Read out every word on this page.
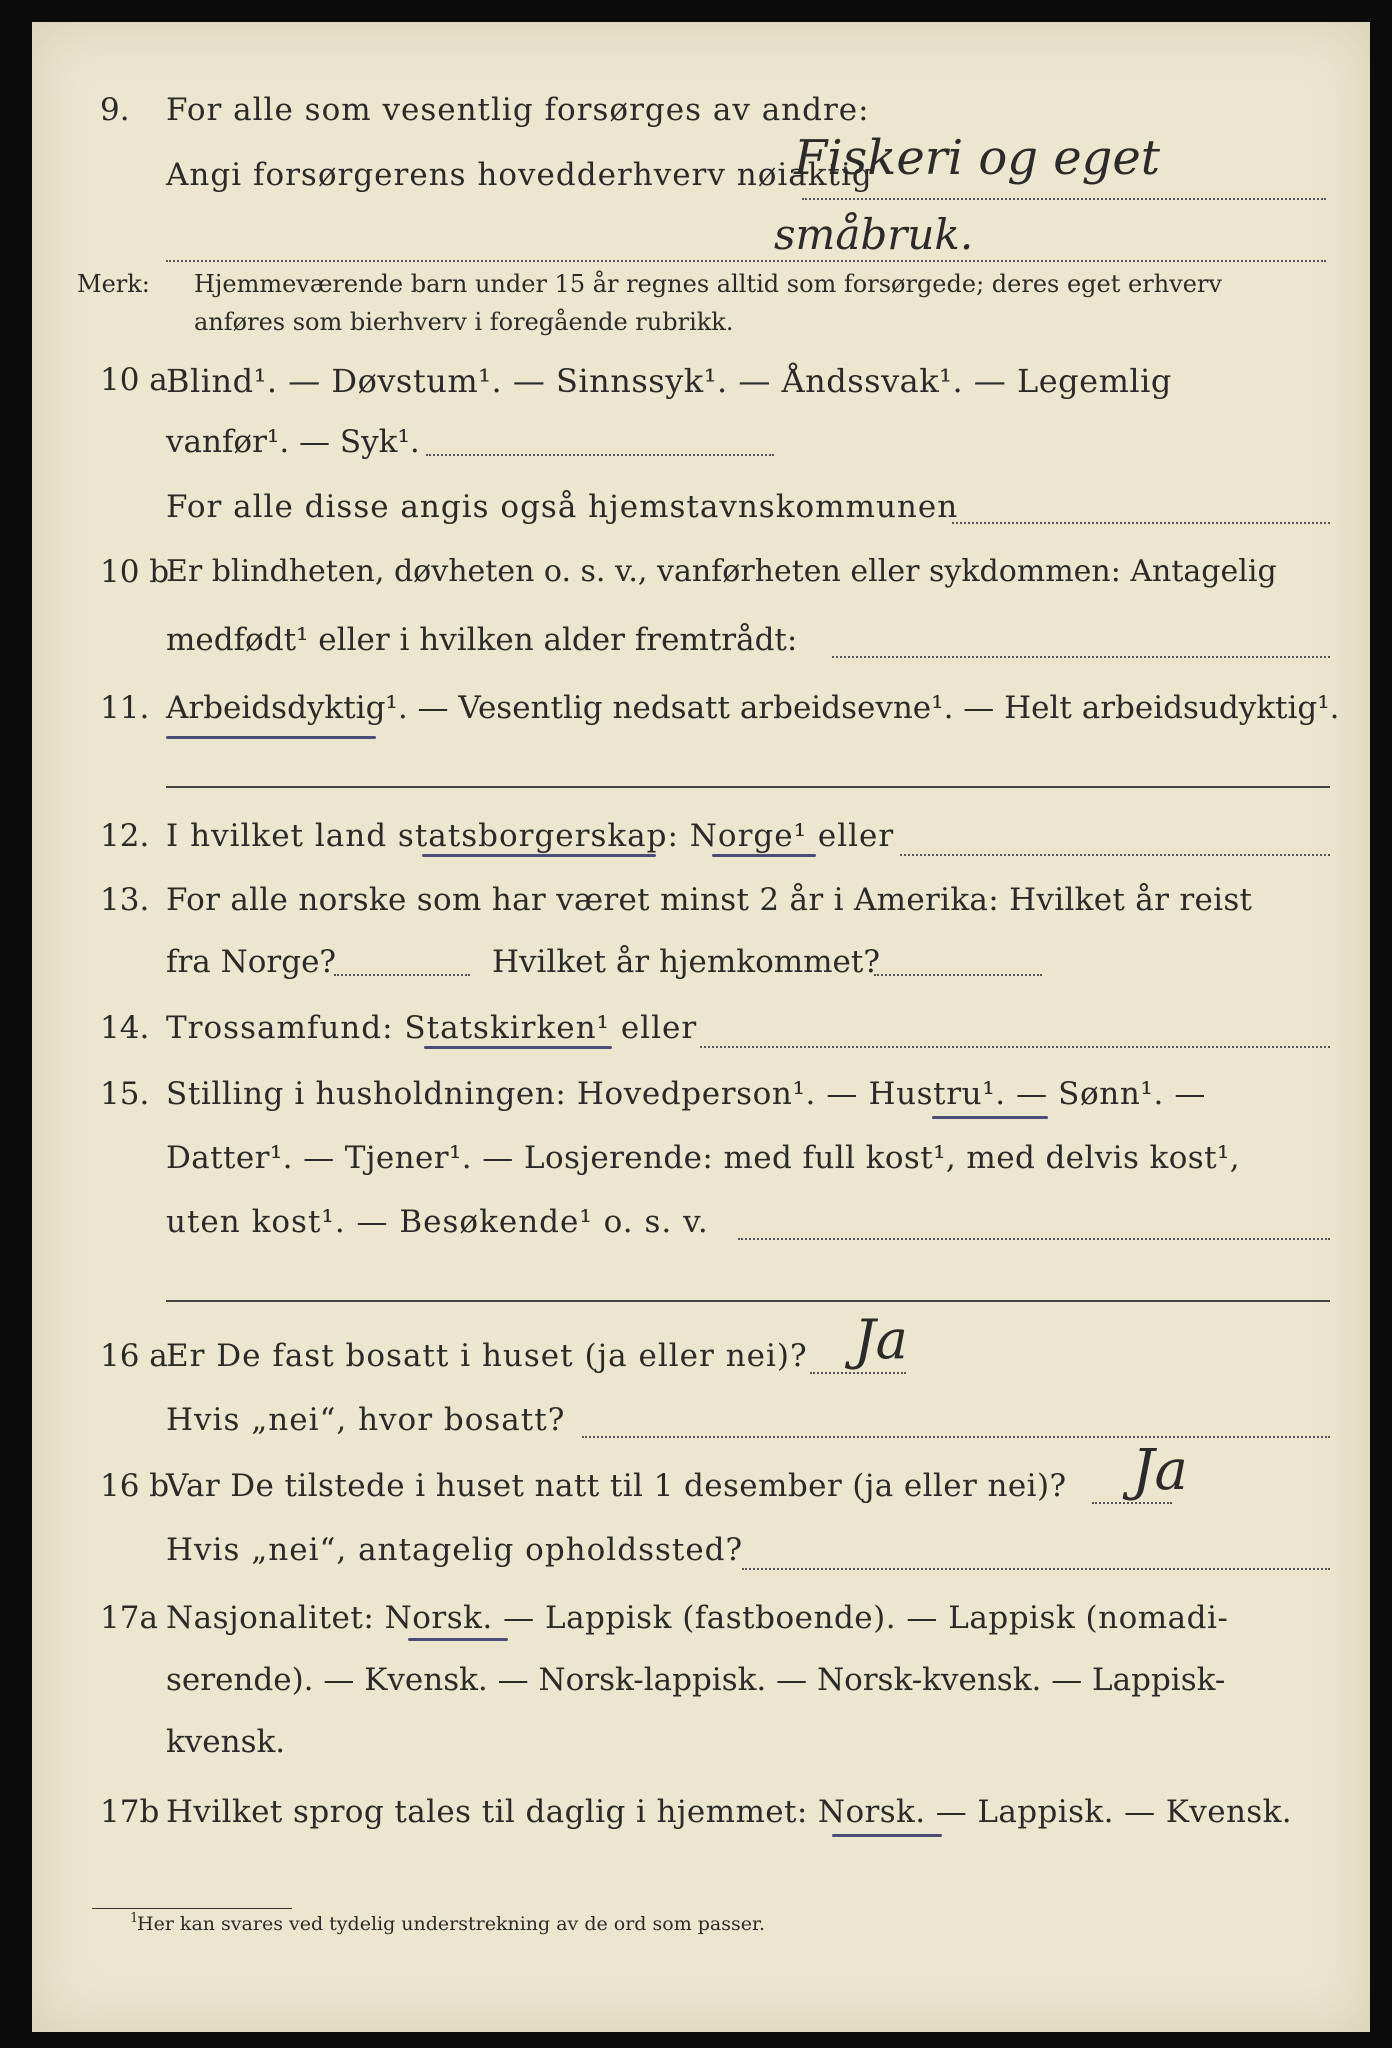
9. For alle som vesentlig forsørges av andre:
Angi forsørgerens hovedderhverv nøiaktig
Fiskeri og eget
småbruk.
Merk: Hjemmeværende barn under 15 år regnes alltid som forsørgede; deres eget erhverv
anføres som bierhverv i foregående rubrikk.
10 a
Blind¹. — Døvstum¹. — Sinnssyk¹. — Åndssvak¹. — Legemlig
vanfør¹. — Syk¹.
For alle disse angis også hjemstavnskommunen
10 b
Er blindheten, døvheten o. s. v., vanførheten eller sykdommen: Antagelig
medfødt¹ eller i hvilken alder fremtrådt:
11. Arbeidsdyktig¹. — Vesentlig nedsatt arbeidsevne¹. — Helt arbeidsudyktig¹.
12. I hvilket land statsborgerskap: Norge¹ eller
13. For alle norske som har været minst 2 år i Amerika: Hvilket år reist
fra Norge?	Hvilket år hjemkommet?
14. Trossamfund: Statskirken¹ eller
15. Stilling i husholdningen: Hovedperson¹. — Hustru¹. — Sønn¹. —
Datter¹. — Tjener¹. — Losjerende: med full kost¹, med delvis kost¹,
uten kost¹. — Besøkende¹ o. s. v.
16 a
Er De fast bosatt i huset (ja eller nei)? Ja
Hvis „nei“, hvor bosatt?
16 b
Var De tilstede i huset natt til 1 desember (ja eller nei)? Ja
Hvis „nei“, antagelig opholdssted?
17a Nasjonalitet: Norsk. — Lappisk (fastboende). — Lappisk (nomadi-
serende). — Kvensk. — Norsk-lappisk. — Norsk-kvensk. — Lappisk-
kvensk.
17b Hvilket sprog tales til daglig i hjemmet: Norsk. — Lappisk. — Kvensk.
1
Her kan svares ved tydelig understrekning av de ord som passer.
